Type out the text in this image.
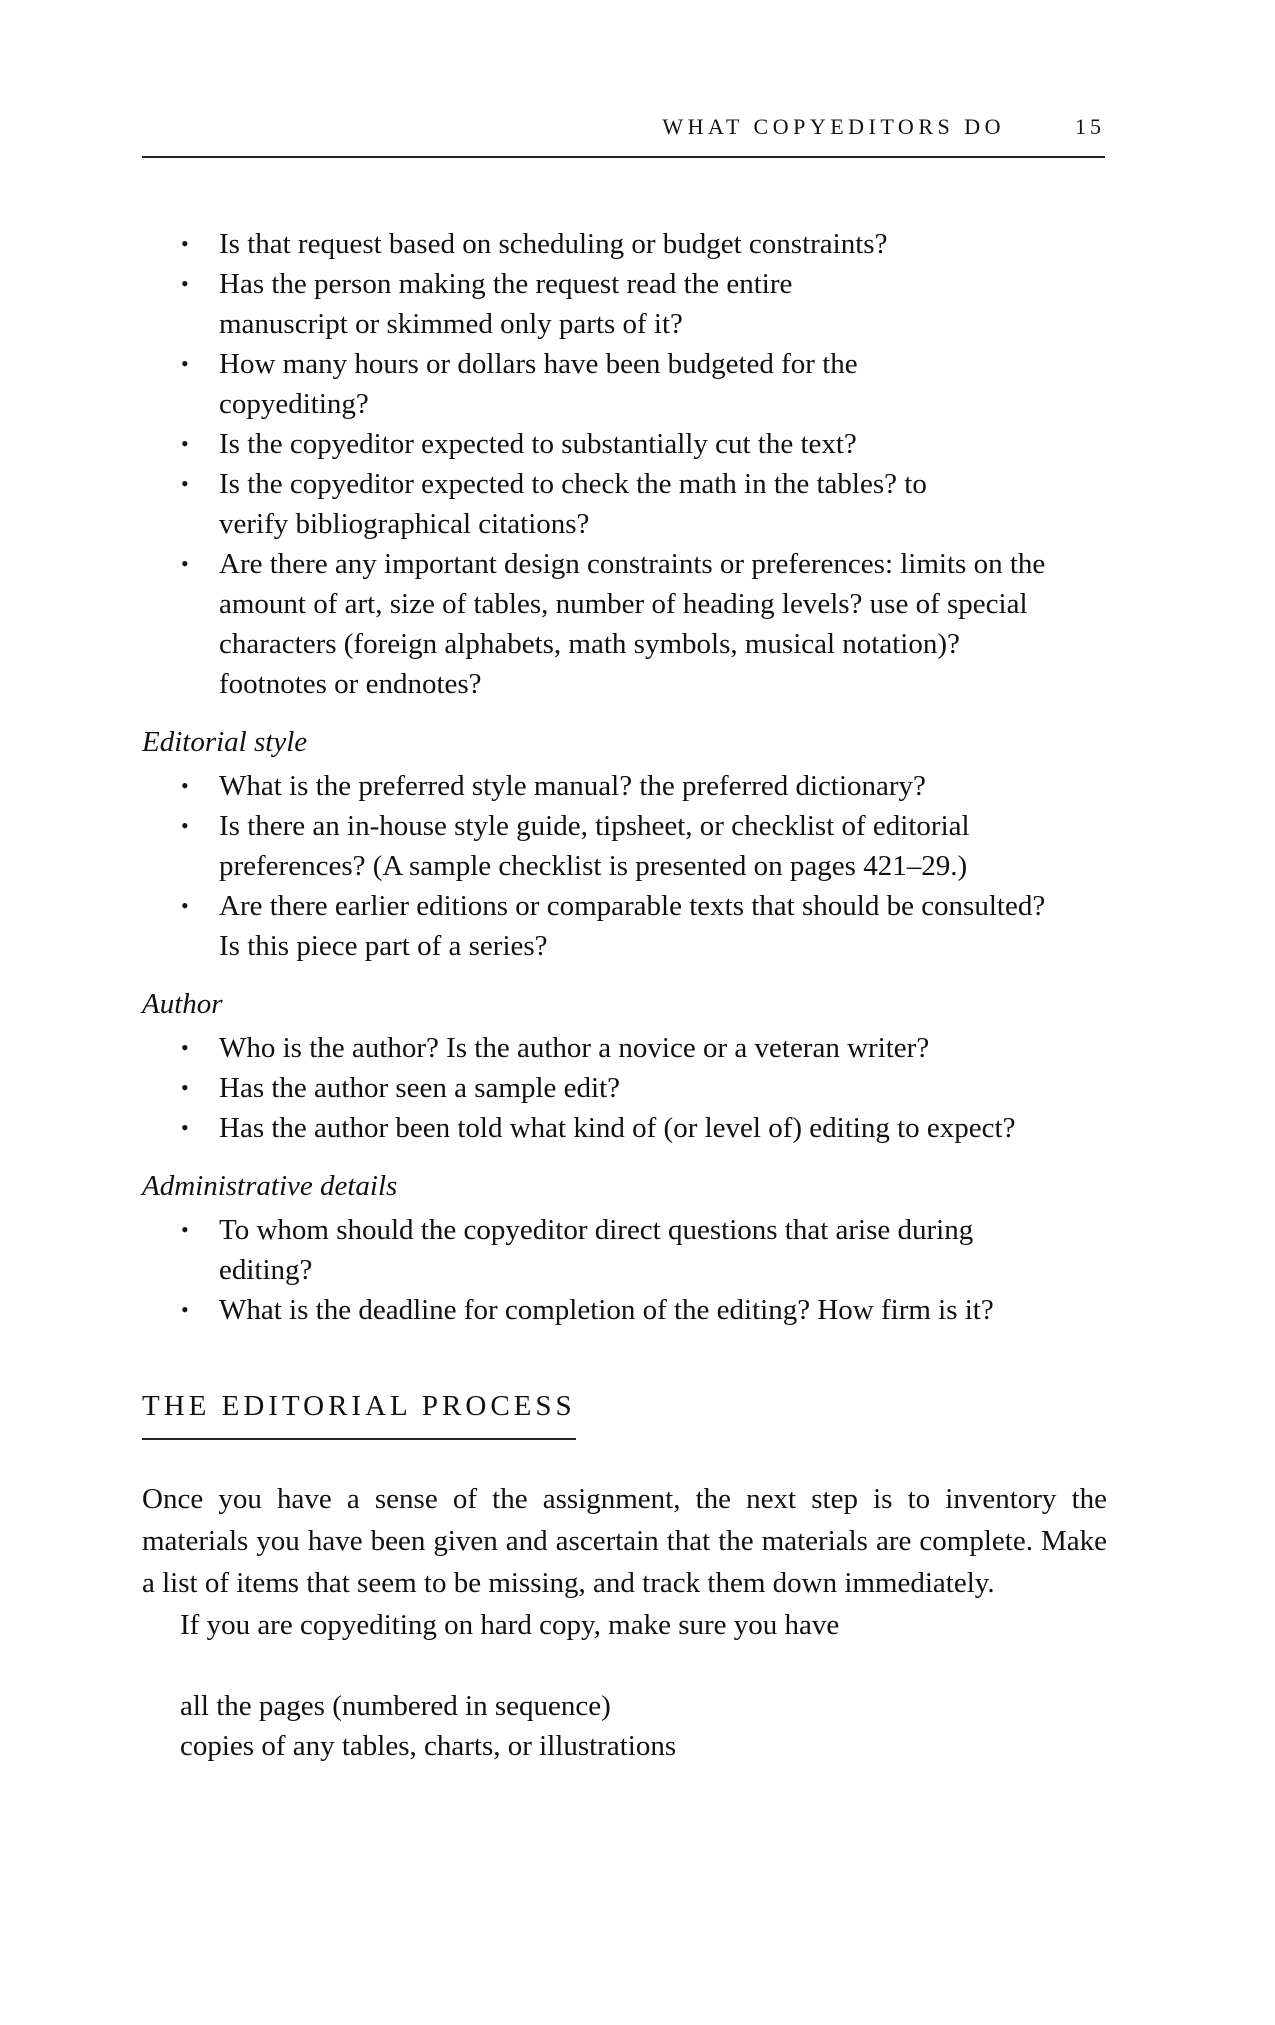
WHAT COPYEDITORS DO	15
• Is that request based on scheduling or budget constraints?
• Has the person making the request read the entire manuscript or skimmed only parts of it?
• How many hours or dollars have been budgeted for the copyediting?
• Is the copyeditor expected to substantially cut the text?
• Is the copyeditor expected to check the math in the tables? to verify bibliographical citations?
• Are there any important design constraints or preferences: limits on the amount of art, size of tables, number of heading levels? use of special characters (foreign alphabets, math symbols, musical notation)? footnotes or endnotes?
Editorial style
• What is the preferred style manual? the preferred dictionary?
• Is there an in-house style guide, tipsheet, or checklist of editorial preferences? (A sample checklist is presented on pages 421–29.)
• Are there earlier editions or comparable texts that should be consulted? Is this piece part of a series?
Author
• Who is the author? Is the author a novice or a veteran writer?
• Has the author seen a sample edit?
• Has the author been told what kind of (or level of) editing to expect?
Administrative details
• To whom should the copyeditor direct questions that arise during editing?
• What is the deadline for completion of the editing? How firm is it?
THE EDITORIAL PROCESS

Once you have a sense of the assignment, the next step is to inventory the materials you have been given and ascertain that the materials are complete. Make a list of items that seem to be missing, and track them down immediately.

If you are copyediting on hard copy, make sure you have

all the pages (numbered in sequence)
copies of any tables, charts, or illustrations
